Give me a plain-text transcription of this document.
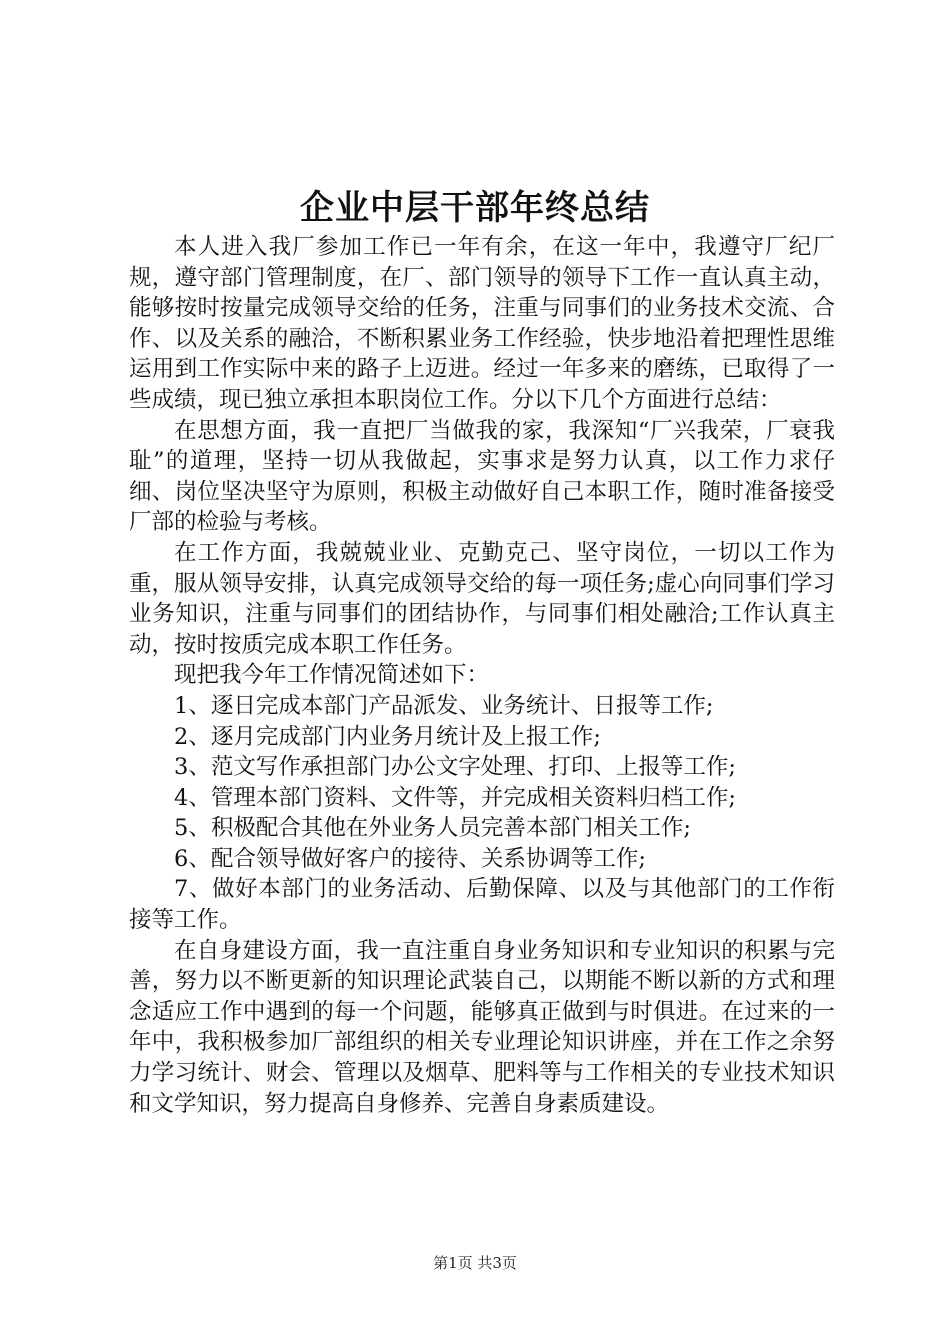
企业中层干部年终总结

本人进入我厂参加工作已一年有余，在这一年中，我遵守厂纪厂规，遵守部门管理制度，在厂、部门领导的领导下工作一直认真主动，能够按时按量完成领导交给的任务，注重与同事们的业务技术交流、合作、以及关系的融洽，不断积累业务工作经验，快步地沿着把理性思维运用到工作实际中来的路子上迈进。经过一年多来的磨练，已取得了一些成绩，现已独立承担本职岗位工作。分以下几个方面进行总结：

在思想方面，我一直把厂当做我的家，我深知“厂兴我荣，厂衰我耻”的道理，坚持一切从我做起，实事求是努力认真，以工作力求仔细、岗位坚决坚守为原则，积极主动做好自己本职工作，随时准备接受厂部的检验与考核。

在工作方面，我兢兢业业、克勤克己、坚守岗位，一切以工作为重，服从领导安排，认真完成领导交给的每一项任务;虚心向同事们学习业务知识，注重与同事们的团结协作，与同事们相处融洽;工作认真主动，按时按质完成本职工作任务。

现把我今年工作情况简述如下：

1、逐日完成本部门产品派发、业务统计、日报等工作;

2、逐月完成部门内业务月统计及上报工作;

3、范文写作承担部门办公文字处理、打印、上报等工作;

4、管理本部门资料、文件等，并完成相关资料归档工作;

5、积极配合其他在外业务人员完善本部门相关工作;

6、配合领导做好客户的接待、关系协调等工作;

7、做好本部门的业务活动、后勤保障、以及与其他部门的工作衔接等工作。

在自身建设方面，我一直注重自身业务知识和专业知识的积累与完善，努力以不断更新的知识理论武装自己，以期能不断以新的方式和理念适应工作中遇到的每一个问题，能够真正做到与时俱进。在过来的一年中，我积极参加厂部组织的相关专业理论知识讲座，并在工作之余努力学习统计、财会、管理以及烟草、肥料等与工作相关的专业技术知识和文学知识，努力提高自身修养、完善自身素质建设。

第1页 共3页
